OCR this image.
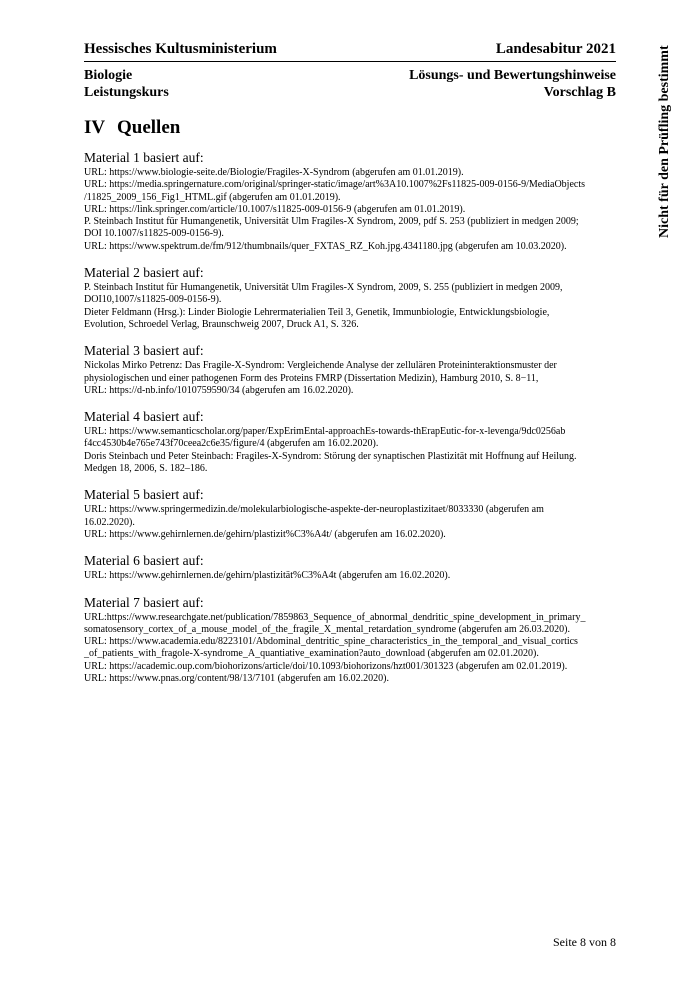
Hessisches Kultusministerium	Landesabitur 2021
Biologie
Leistungskurs
Lösungs- und Bewertungshinweise
Vorschlag B	Nicht für den Prüfling bestimmt
IV Quellen
Material 1 basiert auf:
URL: https://www.biologie-seite.de/Biologie/Fragiles-X-Syndrom (abgerufen am 01.01.2019).
URL: https://media.springernature.com/original/springer-static/image/art%3A10.1007%2Fs11825-009-0156-9/MediaObjects
/11825_2009_156_Fig1_HTML.gif (abgerufen am 01.01.2019).
URL: https://link.springer.com/article/10.1007/s11825-009-0156-9 (abgerufen am 01.01.2019).
P. Steinbach Institut für Humangenetik, Universität Ulm Fragiles-X Syndrom, 2009, pdf S. 253 (publiziert in medgen 2009;
DOI 10.1007/s11825-009-0156-9).
URL: https://www.spektrum.de/fm/912/thumbnails/quer_FXTAS_RZ_Koh.jpg.4341180.jpg (abgerufen am 10.03.2020).
Material 2 basiert auf:
P. Steinbach Institut für Humangenetik, Universität Ulm Fragiles-X Syndrom, 2009, S. 255 (publiziert in medgen 2009,
DOI10,1007/s11825-009-0156-9).
Dieter Feldmann (Hrsg.): Linder Biologie Lehrermaterialien Teil 3, Genetik, Immunbiologie, Entwicklungsbiologie,
Evolution, Schroedel Verlag, Braunschweig 2007, Druck A1, S. 326.
Material 3 basiert auf:
Nickolas Mirko Petrenz: Das Fragile-X-Syndrom: Vergleichende Analyse der zellulären Proteininteraktionsmuster der
physiologischen und einer pathogenen Form des Proteins FMRP (Dissertation Medizin), Hamburg 2010, S. 8−11,
URL: https://d-nb.info/1010759590/34 (abgerufen am 16.02.2020).
Material 4 basiert auf:
URL: https://www.semanticscholar.org/paper/ExpErimEntal-approachEs-towards-thErapEutic-for-x-levenga/9dc0256ab
f4cc4530b4e765e743f70ceea2c6e35/figure/4 (abgerufen am 16.02.2020).
Doris Steinbach und Peter Steinbach: Fragiles-X-Syndrom: Störung der synaptischen Plastizität mit Hoffnung auf Heilung.
Medgen 18, 2006, S. 182–186.
Material 5 basiert auf:
URL: https://www.springermedizin.de/molekularbiologische-aspekte-der-neuroplastizitaet/8033330 (abgerufen am
16.02.2020).
URL: https://www.gehirnlernen.de/gehirn/plastizit%C3%A4t/ (abgerufen am 16.02.2020).
Material 6 basiert auf:
URL: https://www.gehirnlernen.de/gehirn/plastizität%C3%A4t (abgerufen am 16.02.2020).
Material 7 basiert auf:
URL:https://www.researchgate.net/publication/7859863_Sequence_of_abnormal_dendritic_spine_development_in_primary_
somatosensory_cortex_of_a_mouse_model_of_the_fragile_X_mental_retardation_syndrome (abgerufen am 26.03.2020).
URL: https://www.academia.edu/8223101/Abdominal_dentritic_spine_characteristics_in_the_temporal_and_visual_cortics
_of_patients_with_fragole-X-syndrome_A_quantiative_examination?auto_download (abgerufen am 02.01.2020).
URL: https://academic.oup.com/biohorizons/article/doi/10.1093/biohorizons/hzt001/301323 (abgerufen am 02.01.2019).
URL: https://www.pnas.org/content/98/13/7101 (abgerufen am 16.02.2020).
Seite 8 von 8
